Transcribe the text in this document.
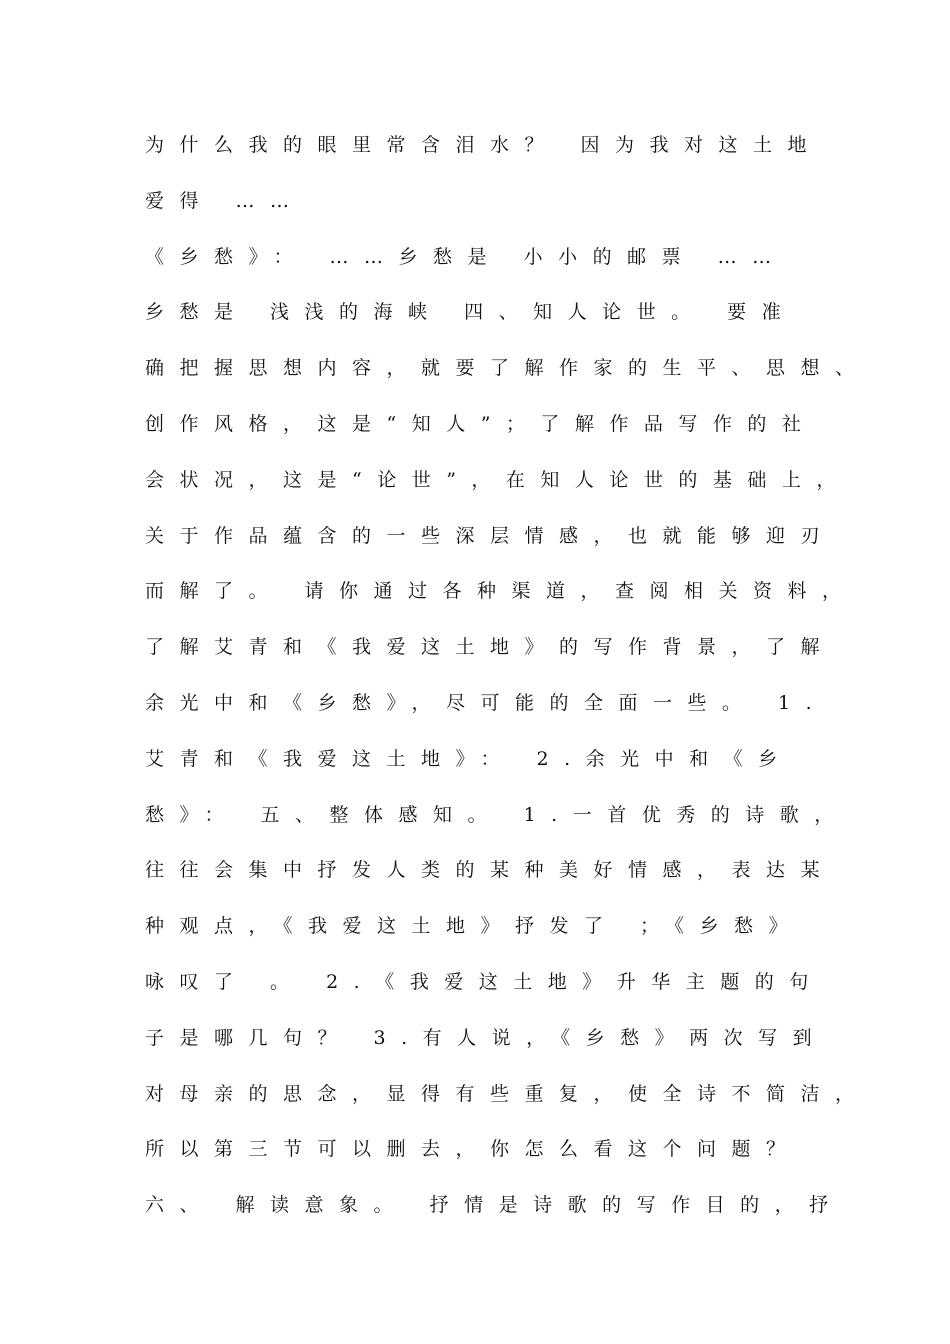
为什么我的眼里常含泪水？ 因为我对这土地
爱得 ……
《乡愁》： ……乡愁是 小小的邮票 ……
乡愁是 浅浅的海峡 四、知人论世。 要准
确把握思想内容，就要了解作家的生平、思想、
创作风格，这是“知人”；了解作品写作的社
会状况，这是“论世”，在知人论世的基础上，
关于作品蕴含的一些深层情感，也就能够迎刃
而解了。 请你通过各种渠道，查阅相关资料，
了解艾青和《我爱这土地》的写作背景，了解
余光中和《乡愁》，尽可能的全面一些。 1.
艾青和《我爱这土地》： 2.余光中和《乡
愁》： 五、整体感知。 1.一首优秀的诗歌，
往往会集中抒发人类的某种美好情感，表达某
种观点，《我爱这土地》抒发了 ；《乡愁》
咏叹了 。 2.《我爱这土地》升华主题的句
子是哪几句？ 3.有人说，《乡愁》两次写到
对母亲的思念，显得有些重复，使全诗不简洁，
所以第三节可以删去，你怎么看这个问题？
六、 解读意象。 抒情是诗歌的写作目的，抒
